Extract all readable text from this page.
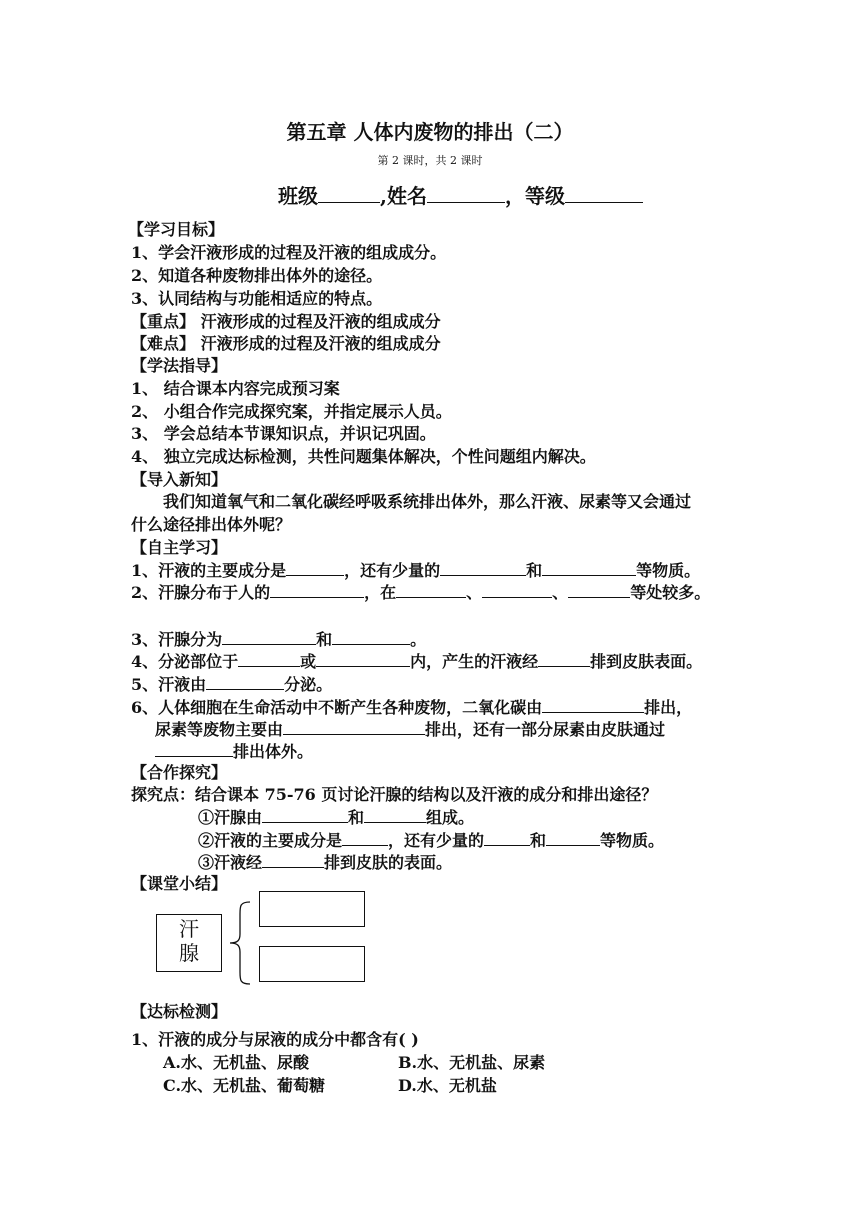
第五章 人体内废物的排出（二）
第 2 课时，共 2 课时
班级	,姓名	，等级
【学习目标】
1、学会汗液形成的过程及汗液的组成成分。
2、知道各种废物排出体外的途径。
3、认同结构与功能相适应的特点。
【重点】 汗液形成的过程及汗液的组成成分
【难点】 汗液形成的过程及汗液的组成成分
【学法指导】
1、 结合课本内容完成预习案
2、 小组合作完成探究案，并指定展示人员。
3、 学会总结本节课知识点，并识记巩固。
4、 独立完成达标检测，共性问题集体解决，个性问题组内解决。
【导入新知】
我们知道氧气和二氧化碳经呼吸系统排出体外，那么汗液、尿素等又会通过
什么途径排出体外呢？
【自主学习】
1、汗液的主要成分是	，还有少量的	和	等物质。
2、汗腺分布于人的	，在	、	、	等处较多。
3、汗腺分为	和	。
4、分泌部位于	或	内，产生的汗液经	排到皮肤表面。
5、汗液由	分泌。
6、人体细胞在生命活动中不断产生各种废物，二氧化碳由	排出，
尿素等废物主要由	排出，还有一部分尿素由皮肤通过
排出体外。
【合作探究】
探究点：结合课本 75-76 页讨论汗腺的结构以及汗液的成分和排出途径？
①汗腺由	和	组成。
②汗液的主要成分是	，还有少量的	和	等物质。
③汗液经	排到皮肤的表面。
【课堂小结】
汗
腺
【达标检测】
1、汗液的成分与尿液的成分中都含有( )
A.水、无机盐、尿酸	B.水、无机盐、尿素
C.水、无机盐、葡萄糖	D.水、无机盐
